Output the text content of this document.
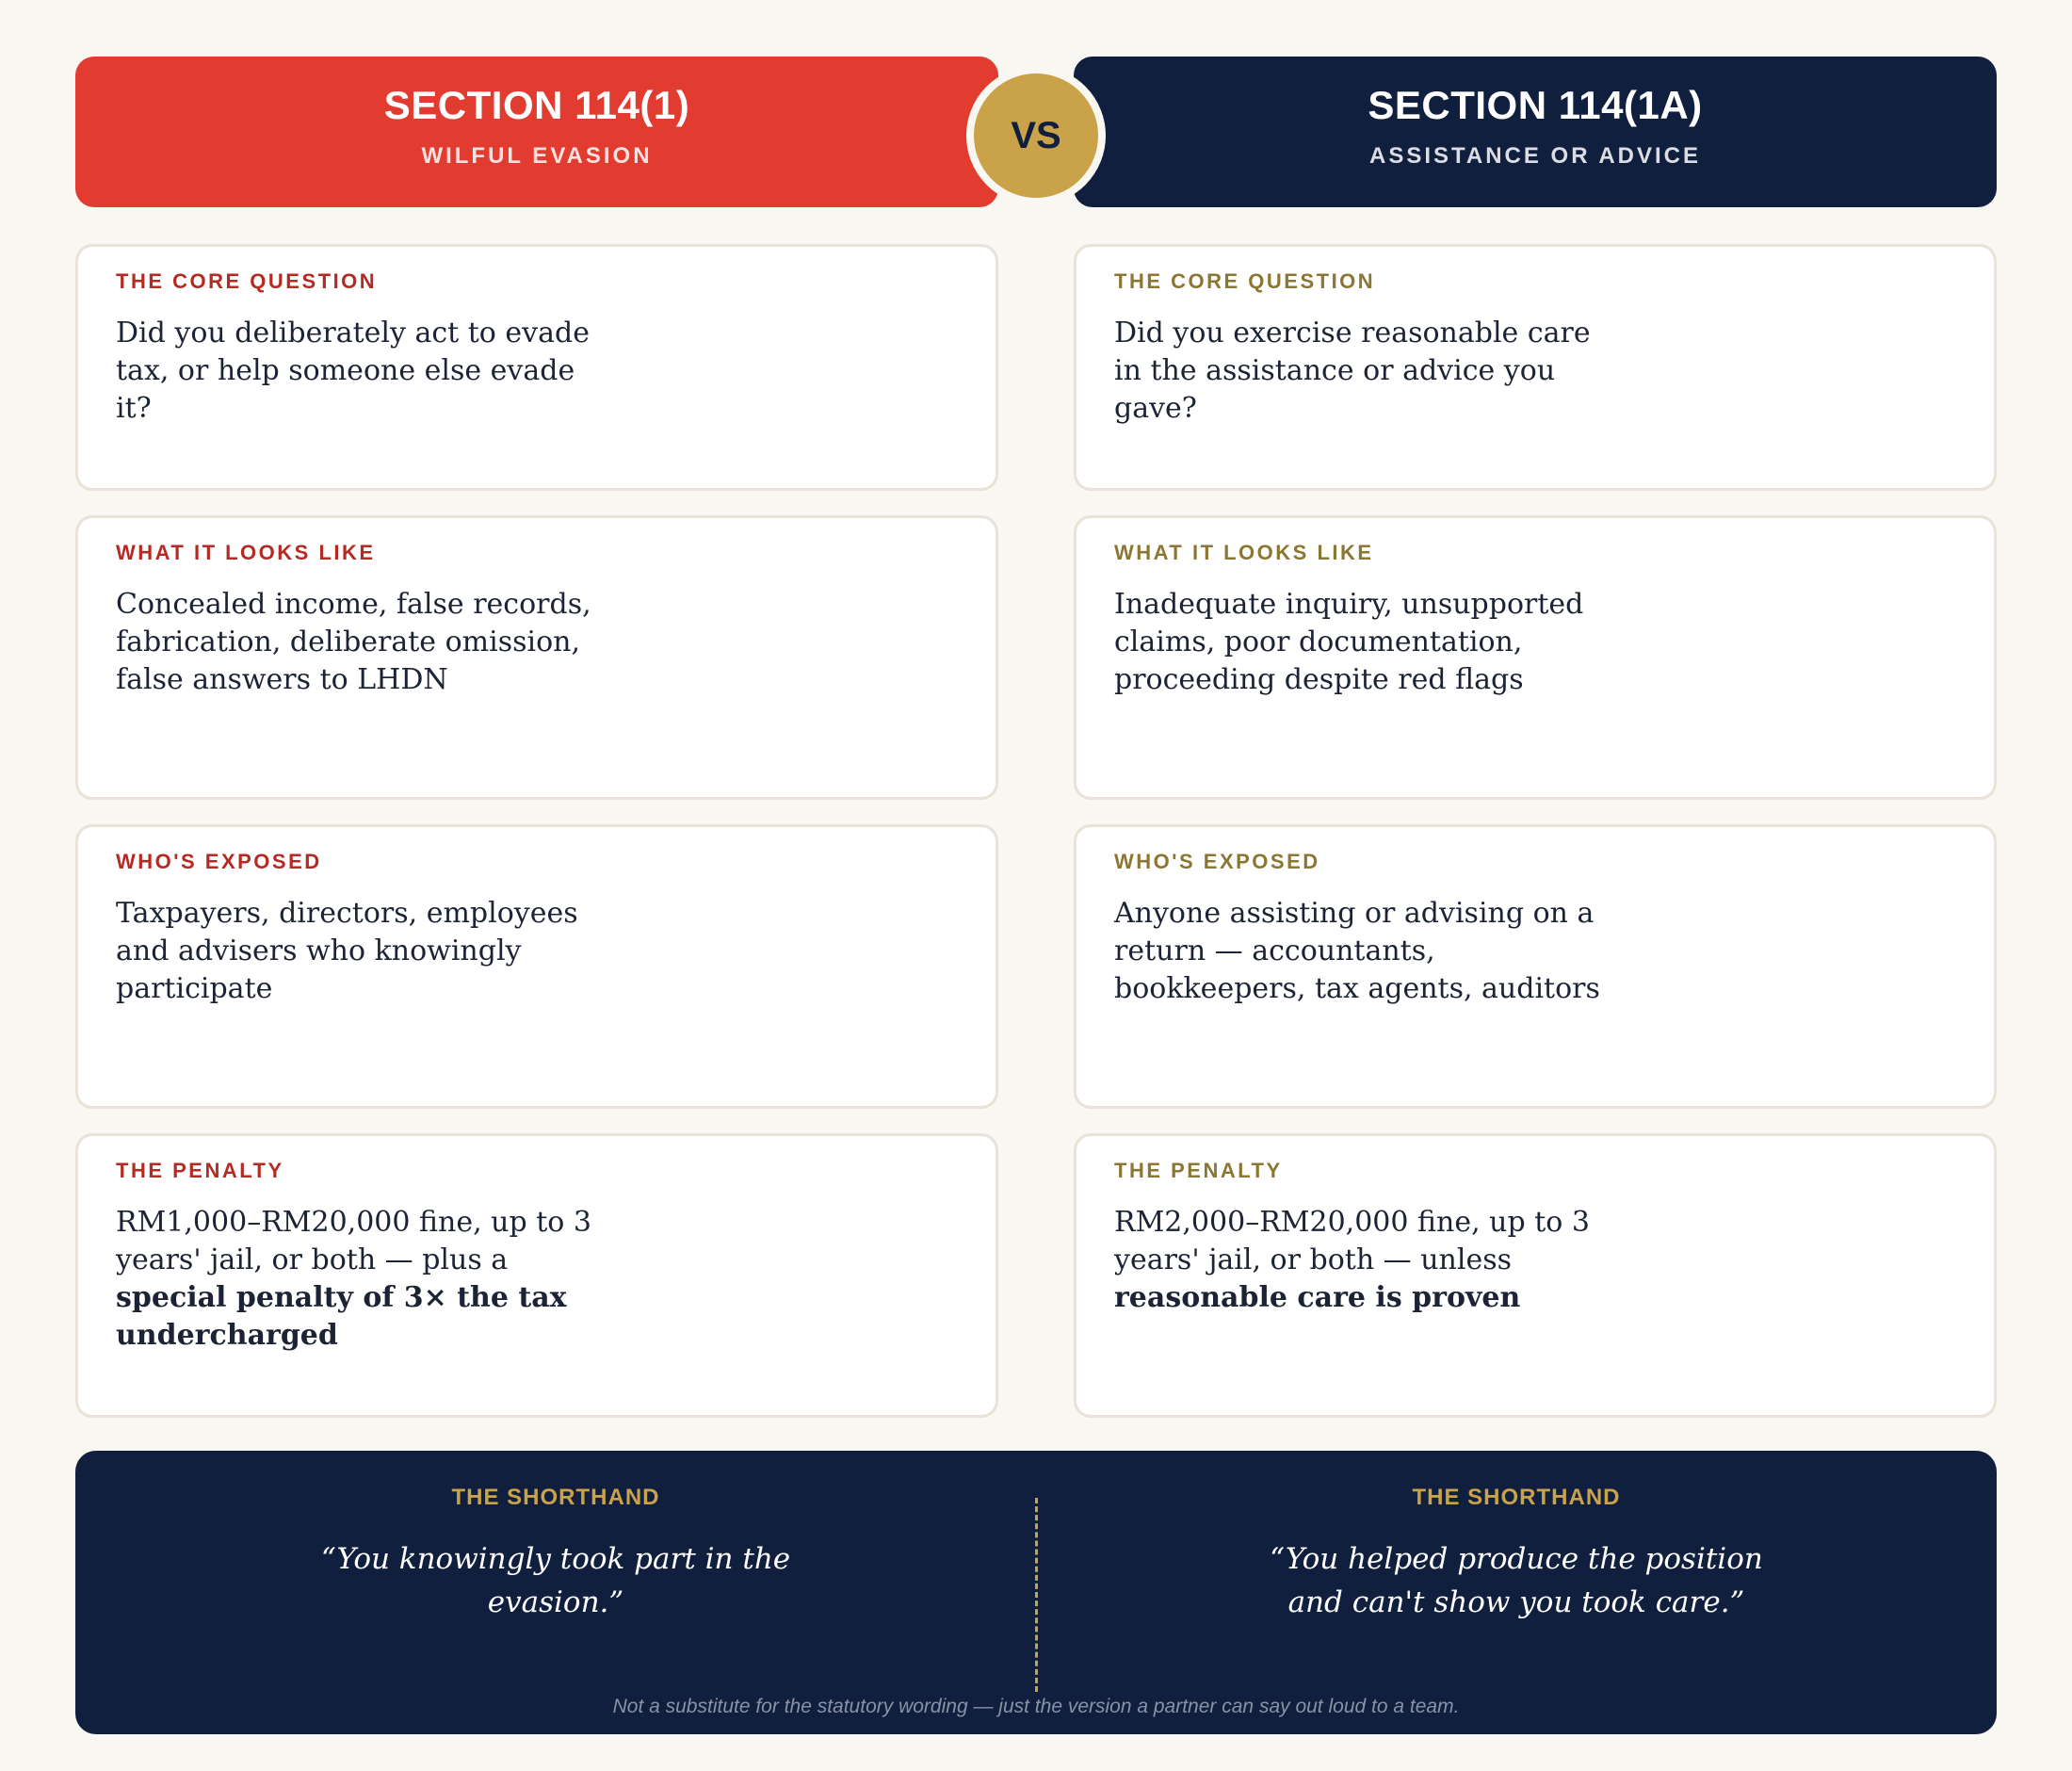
SECTION 114(1)
WILFUL EVASION
SECTION 114(1A)
ASSISTANCE OR ADVICE
VS
THE CORE QUESTION
Did you deliberately act to evade tax, or help someone else evade it?
WHAT IT LOOKS LIKE
Concealed income, false records, fabrication, deliberate omission, false answers to LHDN
WHO'S EXPOSED
Taxpayers, directors, employees and advisers who knowingly participate
THE PENALTY
RM1,000–RM20,000 fine, up to 3 years' jail, or both — plus a special penalty of 3× the tax undercharged
THE CORE QUESTION
Did you exercise reasonable care in the assistance or advice you gave?
WHAT IT LOOKS LIKE
Inadequate inquiry, unsupported claims, poor documentation, proceeding despite red flags
WHO'S EXPOSED
Anyone assisting or advising on a return — accountants, bookkeepers, tax agents, auditors
THE PENALTY
RM2,000–RM20,000 fine, up to 3 years' jail, or both — unless
reasonable care is proven
THE SHORTHAND
“You knowingly took part in the evasion.”
THE SHORTHAND
“You helped produce the position and can't show you took care.”
Not a substitute for the statutory wording — just the version a partner can say out loud to a team.
